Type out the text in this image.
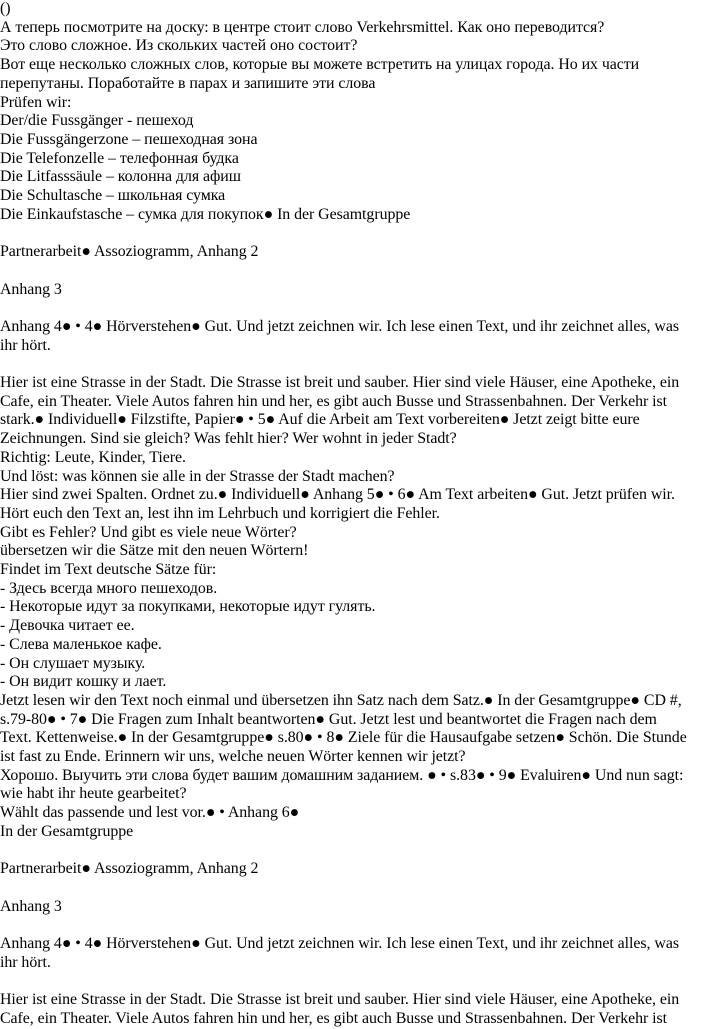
()
А теперь посмотрите на доску: в центре стоит слово Verkehrsmittel. Как оно переводится?
Это слово сложное. Из скольких частей оно состоит?
Вот еще несколько сложных слов, которые вы можете встретить на улицах города. Но их части
перепутаны. Поработайте в парах и запишите эти слова
Prüfen wir:
Der/die Fussgänger - пешеход
Die Fussgängerzone – пешеходная зона
Die Telefonzelle – телефонная будка
Die Litfasssäule – колонна для афиш
Die Schultasche – школьная сумка
Die Einkaufstasche – сумка для покупок● In der Gesamtgruppe
Partnerarbeit● Assoziogramm, Anhang 2
Anhang 3
Anhang 4● • 4● Hörverstehen● Gut. Und jetzt zeichnen wir. Ich lese einen Text, und ihr zeichnet alles, was
ihr hört.
Hier ist eine Strasse in der Stadt. Die Strasse ist breit und sauber. Hier sind viele Häuser, eine Apotheke, ein
Cafe, ein Theater. Viele Autos fahren hin und her, es gibt auch Busse und Strassenbahnen. Der Verkehr ist
stark.● Individuell● Filzstifte, Papier● • 5● Auf die Arbeit am Text vorbereiten● Jetzt zeigt bitte eure
Zeichnungen. Sind sie gleich? Was fehlt hier? Wer wohnt in jeder Stadt?
Richtig: Leute, Kinder, Tiere.
Und löst: was können sie alle in der Strasse der Stadt machen?
Hier sind zwei Spalten. Ordnet zu.● Individuell● Anhang 5● • 6● Am Text arbeiten● Gut. Jetzt prüfen wir.
Hört euch den Text an, lest ihn im Lehrbuch und korrigiert die Fehler.
Gibt es Fehler? Und gibt es viele neue Wörter?
übersetzen wir die Sätze mit den neuen Wörtern!
Findet im Text deutsche Sätze für:
- Здесь всегда много пешеходов.
- Некоторые идут за покупками, некоторые идут гулять.
- Девочка читает ее.
- Слева маленькое кафе.
- Он слушает музыку.
- Он видит кошку и лает.
Jetzt lesen wir den Text noch einmal und übersetzen ihn Satz nach dem Satz.● In der Gesamtgruppe● CD #,
s.79-80● • 7● Die Fragen zum Inhalt beantworten● Gut. Jetzt lest und beantwortet die Fragen nach dem
Text. Kettenweise.● In der Gesamtgruppe● s.80● • 8● Ziele für die Hausaufgabe setzen● Schön. Die Stunde
ist fast zu Ende. Erinnern wir uns, welche neuen Wörter kennen wir jetzt?
Хорошо. Выучить эти слова будет вашим домашним заданием. ● • s.83● • 9● Evaluiren● Und nun sagt:
wie habt ihr heute gearbeitet?
Wählt das passende und lest vor.● • Anhang 6●
In der Gesamtgruppe
Partnerarbeit● Assoziogramm, Anhang 2
Anhang 3
Anhang 4● • 4● Hörverstehen● Gut. Und jetzt zeichnen wir. Ich lese einen Text, und ihr zeichnet alles, was
ihr hört.
Hier ist eine Strasse in der Stadt. Die Strasse ist breit und sauber. Hier sind viele Häuser, eine Apotheke, ein
Cafe, ein Theater. Viele Autos fahren hin und her, es gibt auch Busse und Strassenbahnen. Der Verkehr ist
